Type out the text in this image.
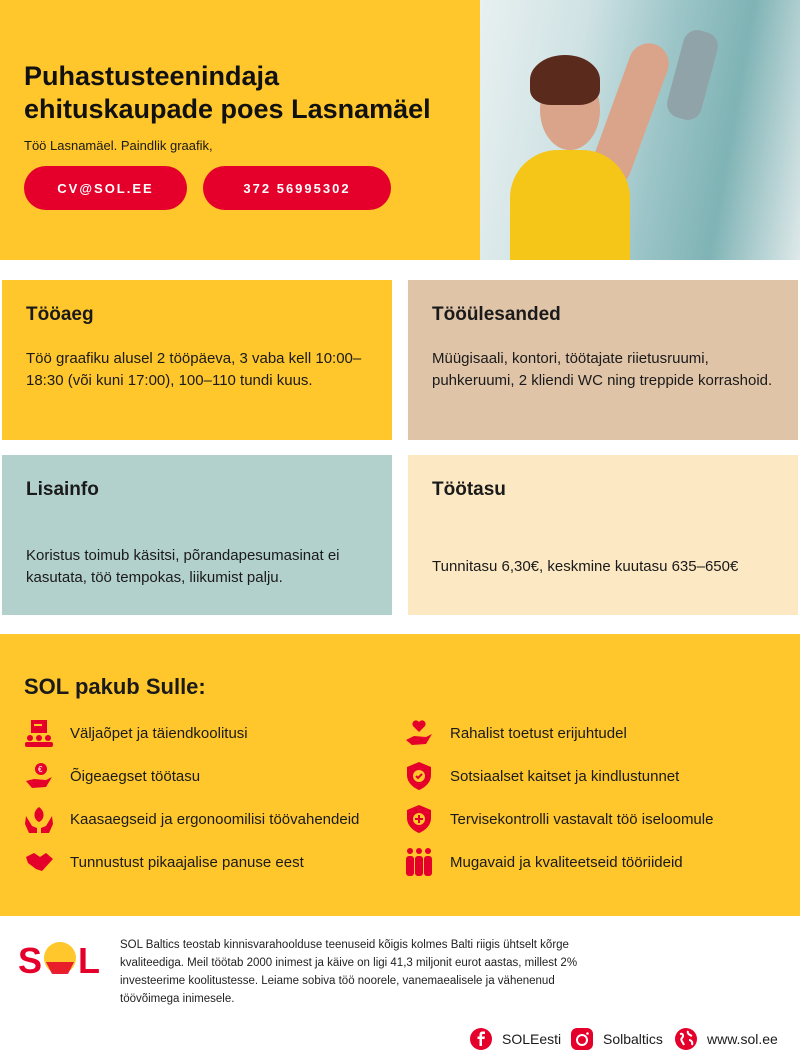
Puhastusteenindaja
ehituskaupade poes Lasnamäel
Töö Lasnamäel. Paindlik graafik,
CV@SOL.EE	372 56995302
Tööaeg

Töö graafiku alusel 2 tööpäeva, 3 vaba kell 10:00–18:30 (või kuni 17:00), 100–110 tundi kuus.

Tööülesanded

Müügisaali, kontori, töötajate riietusruumi, puhkeruumi, 2 kliendi WC ning treppide korrashoid.

Lisainfo

Koristus toimub käsitsi, põrandapesumasinat ei kasutata, töö tempokas, liikumist palju.

Töötasu

Tunnitasu 6,30€, keskmine kuutasu 635–650€

SOL pakub Sulle:
Väljaõpet ja täiendkoolitusi
€ Õigeaegset töötasu
Kaasaegseid ja ergonoomilisi töövahendeid
Tunnustust pikaajalise panuse eest
Rahalist toetust erijuhtudel
Sotsiaalset kaitset ja kindlustunnet
Tervisekontrolli vastavalt töö iseloomule
Mugavaid ja kvaliteetseid tööriideid
S L SOL Baltics teostab kinnisvarahoolduse teenuseid kõigis kolmes Balti riigis ühtselt kõrge kvaliteediga. Meil töötab 2000 inimest ja käive on ligi 41,3 miljonit eurot aastas, millest 2% investeerime koolitustesse. Leiame sobiva töö noorele, vanemaealisele ja vähenenud töövõimega inimesele.

SOLEesti	Solbaltics	www.sol.ee
